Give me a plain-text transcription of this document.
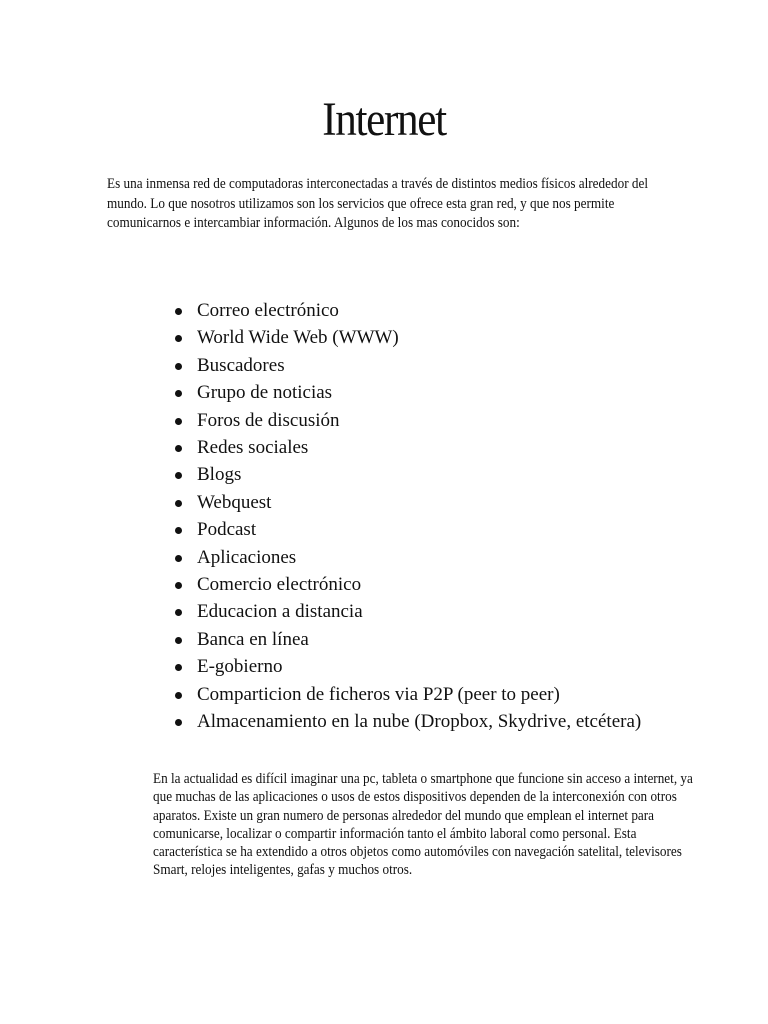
Internet

Es una inmensa red de computadoras interconectadas a través de distintos medios físicos alrededor del mundo. Lo que nosotros utilizamos son los servicios que ofrece esta gran red, y que nos permite comunicarnos e intercambiar información. Algunos de los mas conocidos son:

Correo electrónico
World Wide Web (WWW)
Buscadores
Grupo de noticias
Foros de discusión
Redes sociales
Blogs
Webquest
Podcast
Aplicaciones
Comercio electrónico
Educacion a distancia
Banca en línea
E-gobierno
Comparticion de ficheros via P2P (peer to peer)
Almacenamiento en la nube (Dropbox, Skydrive, etcétera)

En la actualidad es difícil imaginar una pc, tableta o smartphone que funcione sin acceso a internet, ya que muchas de las aplicaciones o usos de estos dispositivos dependen de la interconexión con otros aparatos. Existe un gran numero de personas alrededor del mundo que emplean el internet para comunicarse, localizar o compartir información tanto el ámbito laboral como personal. Esta característica se ha extendido a otros objetos como automóviles con navegación satelital, televisores Smart, relojes inteligentes, gafas y muchos otros.
